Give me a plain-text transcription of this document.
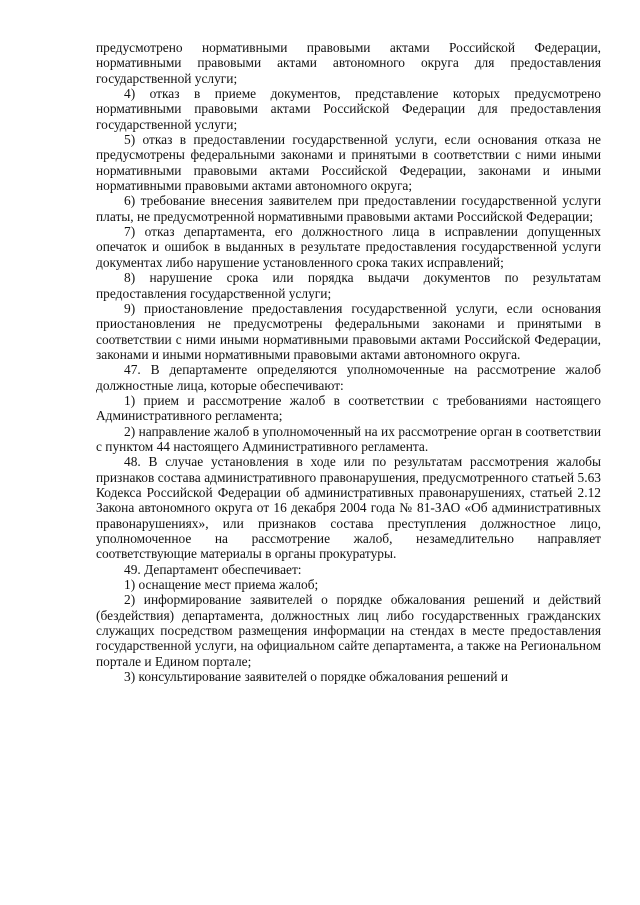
предусмотрено нормативными правовыми актами Российской Федерации, нормативными правовыми актами автономного округа для предоставления государственной услуги;

4) отказ в приеме документов, представление которых предусмотрено нормативными правовыми актами Российской Федерации для предоставления государственной услуги;

5) отказ в предоставлении государственной услуги, если основания отказа не предусмотрены федеральными законами и принятыми в соответствии с ними иными нормативными правовыми актами Российской Федерации, законами и иными нормативными правовыми актами автономного округа;

6) требование внесения заявителем при предоставлении государственной услуги платы, не предусмотренной нормативными правовыми актами Российской Федерации;

7) отказ департамента, его должностного лица в исправлении допущенных опечаток и ошибок в выданных в результате предоставления государственной услуги документах либо нарушение установленного срока таких исправлений;

8) нарушение срока или порядка выдачи документов по результатам предоставления государственной услуги;

9) приостановление предоставления государственной услуги, если основания приостановления не предусмотрены федеральными законами и принятыми в соответствии с ними иными нормативными правовыми актами Российской Федерации, законами и иными нормативными правовыми актами автономного округа.

47. В департаменте определяются уполномоченные на рассмотрение жалоб должностные лица, которые обеспечивают:

1) прием и рассмотрение жалоб в соответствии с требованиями настоящего Административного регламента;

2) направление жалоб в уполномоченный на их рассмотрение орган в соответствии с пунктом 44 настоящего Административного регламента.

48. В случае установления в ходе или по результатам рассмотрения жалобы признаков состава административного правонарушения, предусмотренного статьей 5.63 Кодекса Российской Федерации об административных правонарушениях, статьей 2.12 Закона автономного округа от 16 декабря 2004 года № 81-ЗАО «Об административных правонарушениях», или признаков состава преступления должностное лицо, уполномоченное на рассмотрение жалоб, незамедлительно направляет соответствующие материалы в органы прокуратуры.

49. Департамент обеспечивает:

1) оснащение мест приема жалоб;

2) информирование заявителей о порядке обжалования решений и действий (бездействия) департамента, должностных лиц либо государственных гражданских служащих посредством размещения информации на стендах в месте предоставления государственной услуги, на официальном сайте департамента, а также на Региональном портале и Едином портале;

3) консультирование заявителей о порядке обжалования решений и
